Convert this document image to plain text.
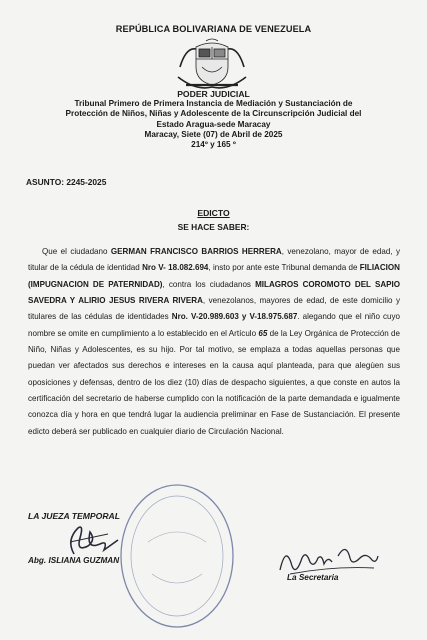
REPÚBLICA BOLIVARIANA DE VENEZUELA
PODER JUDICIAL
Tribunal Primero de Primera Instancia de Mediación y Sustanciación de
Protección de Niños, Niñas y Adolescente de la Circunscripción Judicial del
Estado Aragua-sede Maracay
Maracay, Siete (07) de Abril de 2025
214º y 165 º
ASUNTO: 2245-2025
EDICTO
SE HACE SABER:
Que el ciudadano GERMAN FRANCISCO BARRIOS HERRERA, venezolano, mayor de edad, y titular de la cédula de identidad Nro V- 18.082.694, insto por ante este Tribunal demanda de FILIACION (IMPUGNACION DE PATERNIDAD), contra los ciudadanos MILAGROS COROMOTO DEL SAPIO SAVEDRA Y ALIRIO JESUS RIVERA RIVERA, venezolanos, mayores de edad, de este domicilio y titulares de las cédulas de identidades Nro. V-20.989.603 y V-18.975.687. alegando que el niño cuyo nombre se omite en cumplimiento a lo establecido en el Artículo 65 de la Ley Orgánica de Protección de Niño, Niñas y Adolescentes, es su hijo. Por tal motivo, se emplaza a todas aquellas personas que puedan ver afectados sus derechos e intereses en la causa aquí planteada, para que alegùen sus oposiciones y defensas, dentro de los diez (10) días de despacho siguientes, a que conste en autos la certificación del secretario de haberse cumplido con la notificación de la parte demandada e igualmente conozca día y hora en que tendrá lugar la audiencia preliminar en Fase de Sustanciación. El presente edicto deberá ser publicado en cualquier diario de Circulación Nacional.
LA JUEZA TEMPORAL
Abg. ISLIANA GUZMAN
La Secretaria
